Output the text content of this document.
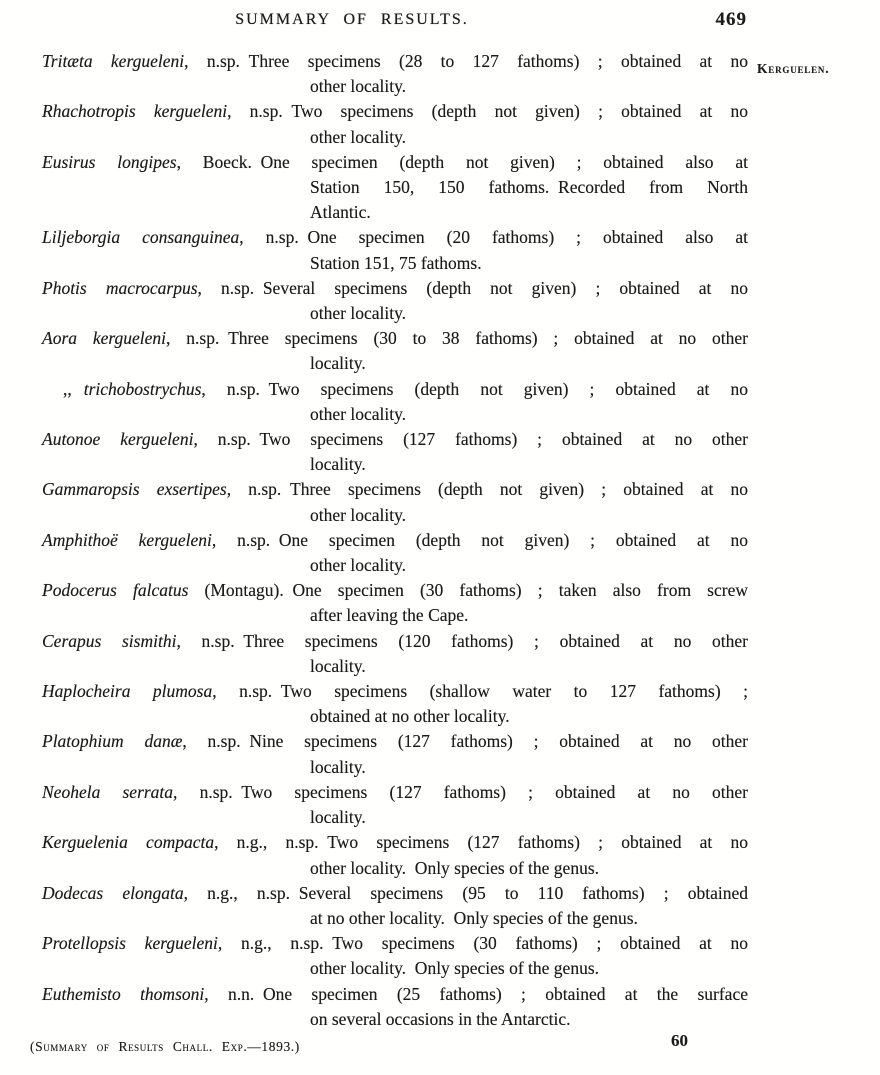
SUMMARY OF RESULTS.	469
Kerguelen.
Tritæta kergueleni, n.sp. Three specimens (28 to 127 fathoms) ; obtained at no
other locality.
Rhachotropis kergueleni, n.sp. Two specimens (depth not given) ; obtained at no
other locality.
Eusirus longipes, Boeck. One specimen (depth not given) ; obtained also at
Station 150, 150 fathoms. Recorded from North
Atlantic.
Liljeborgia consanguinea, n.sp. One specimen (20 fathoms) ; obtained also at
Station 151, 75 fathoms.
Photis macrocarpus, n.sp. Several specimens (depth not given) ; obtained at no
other locality.
Aora kergueleni, n.sp. Three specimens (30 to 38 fathoms) ; obtained at no other
locality.
,, trichobostrychus, n.sp. Two specimens (depth not given) ; obtained at no
other locality.
Autonoe kergueleni, n.sp. Two specimens (127 fathoms) ; obtained at no other
locality.
Gammaropsis exsertipes, n.sp. Three specimens (depth not given) ; obtained at no
other locality.
Amphithoë kergueleni, n.sp. One specimen (depth not given) ; obtained at no
other locality.
Podocerus falcatus (Montagu). One specimen (30 fathoms) ; taken also from screw
after leaving the Cape.
Cerapus sismithi, n.sp. Three specimens (120 fathoms) ; obtained at no other
locality.
Haplocheira plumosa, n.sp. Two specimens (shallow water to 127 fathoms) ;
obtained at no other locality.
Platophium danæ, n.sp. Nine specimens (127 fathoms) ; obtained at no other
locality.
Neohela serrata, n.sp. Two specimens (127 fathoms) ; obtained at no other
locality.
Kerguelenia compacta, n.g., n.sp. Two specimens (127 fathoms) ; obtained at no
other locality. Only species of the genus.
Dodecas elongata, n.g., n.sp. Several specimens (95 to 110 fathoms) ; obtained
at no other locality. Only species of the genus.
Protellopsis kergueleni, n.g., n.sp. Two specimens (30 fathoms) ; obtained at no
other locality. Only species of the genus.
Euthemisto thomsoni, n.n. One specimen (25 fathoms) ; obtained at the surface
on several occasions in the Antarctic.
(Summary of Results Chall. Exp.—1893.)	60
